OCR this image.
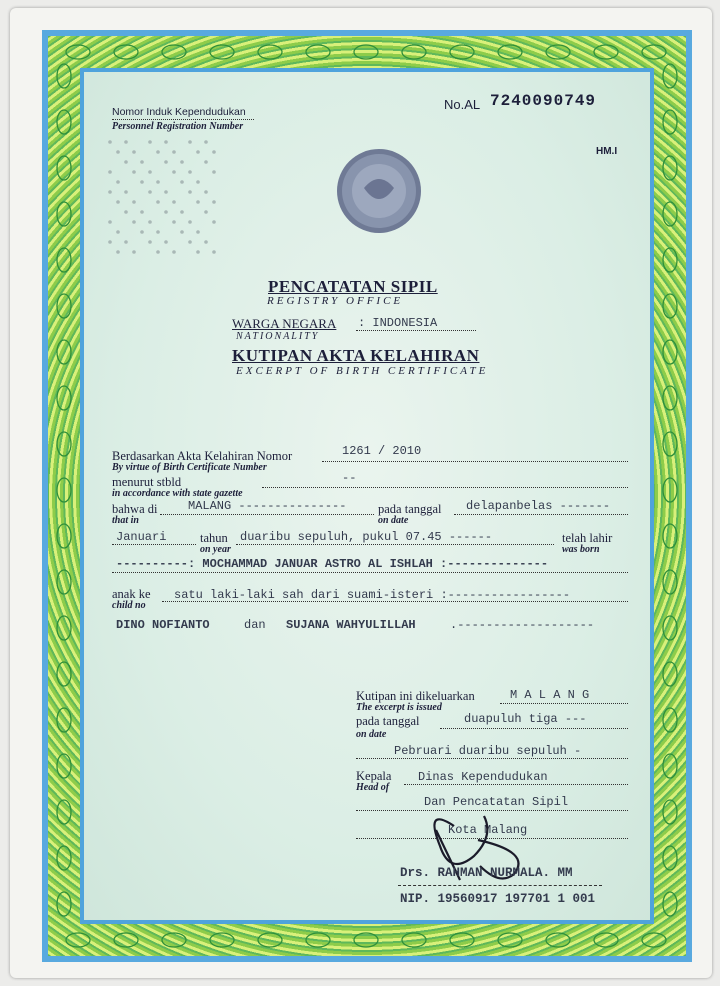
Nomor Induk Kependudukan
Personnel Registration Number
No.AL 7240090749
HM.I
PENCATATAN SIPIL
REGISTRY OFFICE
WARGA NEGARA
NATIONALITY
: INDONESIA
KUTIPAN AKTA KELAHIRAN
EXCERPT OF BIRTH CERTIFICATE
Berdasarkan Akta Kelahiran Nomor
By virtue of Birth Certificate Number
1261 / 2010
menurut stbld
in accordance with state gazette
--
bahwa di
that in
MALANG ---------------	pada tanggal
on date
delapanbelas -------
Januari	tahun
on year
duaribu sepuluh, pukul 07.45 ------	telah lahir
was born
----------: MOCHAMMAD JANUAR ASTRO AL ISHLAH :--------------
anak ke
child no
satu laki-laki sah dari suami-isteri :-----------------
DINO NOFIANTO	dan SUJANA WAHYULILLAH	.-------------------
Kutipan ini dikeluarkan
The excerpt is issued
M A L A N G
pada tanggal
on date
duapuluh tiga ---
Pebruari duaribu sepuluh -
Kepala
Head of
Dinas Kependudukan
Dan Pencatatan Sipil
Kota Malang
Drs. RAHMAN NURMALA. MM
NIP. 19560917 197701 1 001
